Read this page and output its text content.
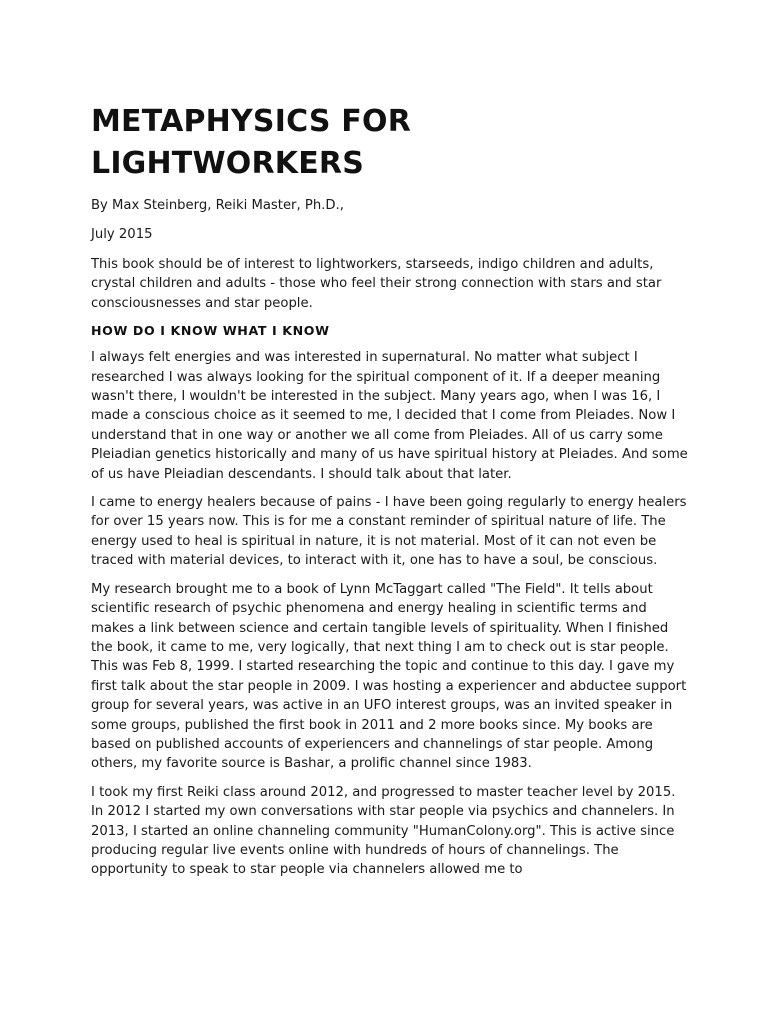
METAPHYSICS FOR
LIGHTWORKERS

By Max Steinberg, Reiki Master, Ph.D.,

July 2015

This book should be of interest to lightworkers, starseeds, indigo children and adults, crystal children and adults - those who feel their strong connection with stars and star consciousnesses and star people.

HOW DO I KNOW WHAT I KNOW

I always felt energies and was interested in supernatural. No matter what subject I researched I was always looking for the spiritual component of it. If a deeper meaning wasn't there, I wouldn't be interested in the subject. Many years ago, when I was 16, I made a conscious choice as it seemed to me, I decided that I come from Pleiades. Now I understand that in one way or another we all come from Pleiades. All of us carry some Pleiadian genetics historically and many of us have spiritual history at Pleiades. And some of us have Pleiadian descendants. I should talk about that later.

I came to energy healers because of pains - I have been going regularly to energy healers for over 15 years now. This is for me a constant reminder of spiritual nature of life. The energy used to heal is spiritual in nature, it is not material. Most of it can not even be traced with material devices, to interact with it, one has to have a soul, be conscious.

My research brought me to a book of Lynn McTaggart called "The Field". It tells about scientific research of psychic phenomena and energy healing in scientific terms and makes a link between science and certain tangible levels of spirituality. When I finished the book, it came to me, very logically, that next thing I am to check out is star people. This was Feb 8, 1999. I started researching the topic and continue to this day. I gave my first talk about the star people in 2009. I was hosting a experiencer and abductee support group for several years, was active in an UFO interest groups, was an invited speaker in some groups, published the first book in 2011 and 2 more books since. My books are based on published accounts of experiencers and channelings of star people. Among others, my favorite source is Bashar, a prolific channel since 1983.

I took my first Reiki class around 2012, and progressed to master teacher level by 2015. In 2012 I started my own conversations with star people via psychics and channelers. In 2013, I started an online channeling community "HumanColony.org". This is active since producing regular live events online with hundreds of hours of channelings. The opportunity to speak to star people via channelers allowed me to
